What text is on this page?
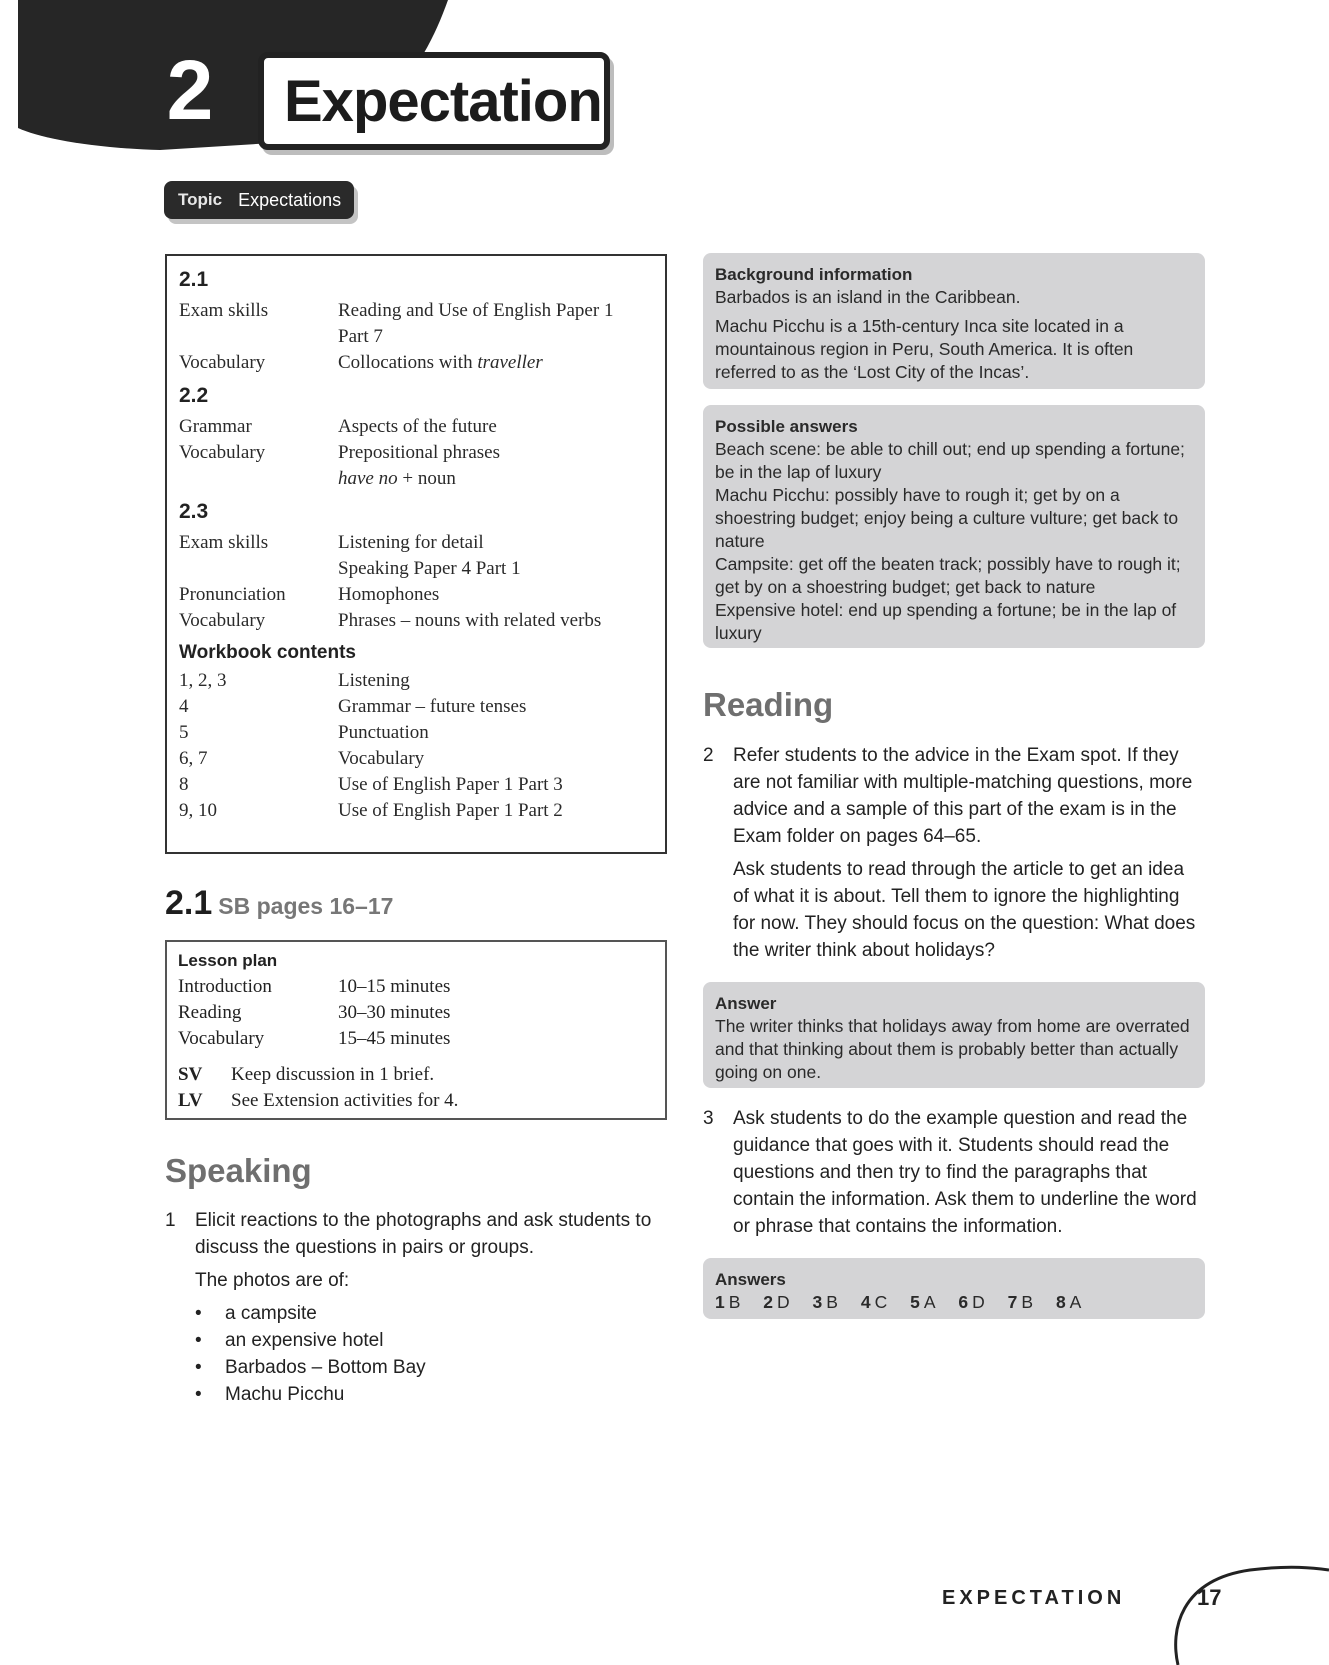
2 Expectation
Topic Expectations
2.1
Exam skills	Reading and Use of English Paper 1
Part 7
Vocabulary	Collocations with traveller
2.2
Grammar	Aspects of the future
Vocabulary	Prepositional phrases
have no + noun
2.3
Exam skills	Listening for detail
Speaking Paper 4 Part 1
Pronunciation	Homophones
Vocabulary	Phrases – nouns with related verbs
Workbook contents
1, 2, 3	Listening
4	Grammar – future tenses
5	Punctuation
6, 7	Vocabulary
8	Use of English Paper 1 Part 3
9, 10	Use of English Paper 1 Part 2
2.1 SB pages 16–17
Lesson plan
Introduction	10–15 minutes
Reading	30–30 minutes
Vocabulary	15–45 minutes
SV	Keep discussion in 1 brief.
LV	See Extension activities for 4.
Speaking
1 Elicit reactions to the photographs and ask students to discuss the questions in pairs or groups.
The photos are of:
•	a campsite
•	an expensive hotel
•	Barbados – Bottom Bay
•	Machu Picchu
Background information
Barbados is an island in the Caribbean.
Machu Picchu is a 15th-century Inca site located in a mountainous region in Peru, South America. It is often referred to as the ‘Lost City of the Incas’.
Possible answers
Beach scene: be able to chill out; end up spending a fortune; be in the lap of luxury
Machu Picchu: possibly have to rough it; get by on a shoestring budget; enjoy being a culture vulture; get back to nature
Campsite: get off the beaten track; possibly have to rough it; get by on a shoestring budget; get back to nature
Expensive hotel: end up spending a fortune; be in the lap of luxury
Reading
2 Refer students to the advice in the Exam spot. If they are not familiar with multiple-matching questions, more advice and a sample of this part of the exam is in the Exam folder on pages 64–65.
Ask students to read through the article to get an idea of what it is about. Tell them to ignore the highlighting for now. They should focus on the question: What does the writer think about holidays?
Answer
The writer thinks that holidays away from home are overrated and that thinking about them is probably better than actually going on one.
3 Ask students to do the example question and read the guidance that goes with it. Students should read the questions and then try to find the paragraphs that contain the information. Ask them to underline the word or phrase that contains the information.
Answers
1 B 2 D 3 B 4 C 5 A 6 D 7 B 8 A
EXPECTATION	17
